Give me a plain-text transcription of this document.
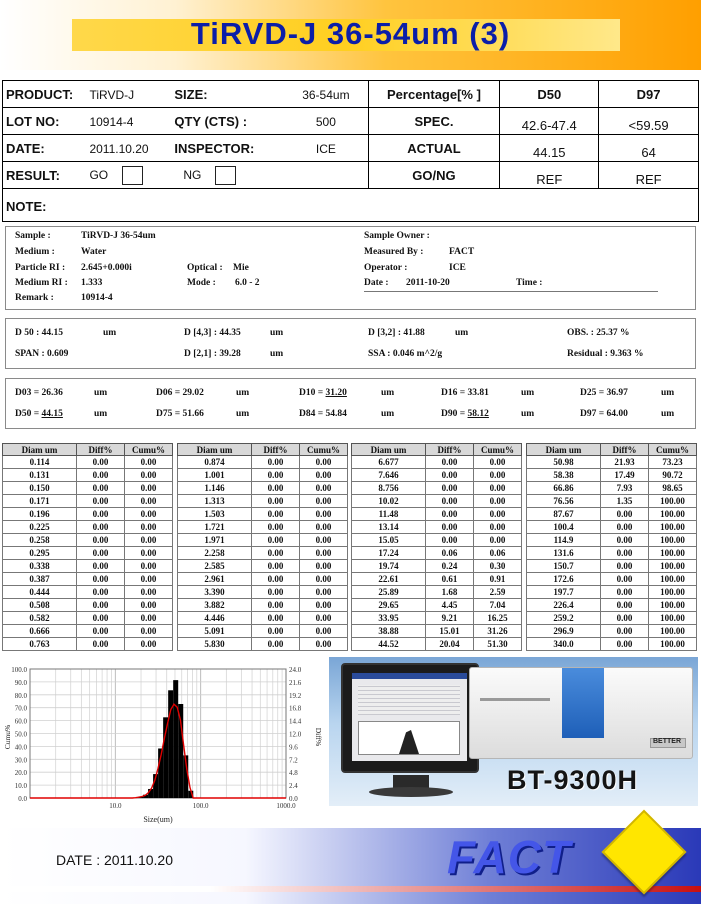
TiRVD-J 36-54um (3)
PRODUCT:	TiRVD-J	SIZE:	36-54um	Percentage[% ]	D50	D97
LOT NO:	10914-4	QTY (CTS) :	500	SPEC.	42.6-47.4	<59.59
DATE:	2011.10.20	INSPECTOR:	ICE	ACTUAL	44.15	64
RESULT:	GO	NG		GO/NG	REF	REF
NOTE:
Sample :	TiRVD-J 36-54um
Medium :	Water
Particle RI : 2.645+0.000i	Optical : Mie
Medium RI : 1.333	Mode : 6.0 - 2
Remark :	10914-4
Sample Owner :
Measured By :	FACT
Operator :	ICE
Date : 2011-10-20	Time :
D 50 : 44.15	um	D [4,3] : 44.35	um	D [3,2] : 41.88	um	OBS. : 25.37 %
SPAN : 0.609	D [2,1] : 39.28	um	SSA : 0.046 m^2/g	Residual : 9.363 %
D03 = 26.36	um	D06 = 29.02	um	D10 = 31.20	um	D16 = 33.81	um	D25 = 36.97	um
D50 = 44.15	um	D75 = 51.66	um	D84 = 54.84	um	D90 = 58.12	um	D97 = 64.00	um
Diam um	Diff%	Cumu%
0.114	0.00	0.00
0.131	0.00	0.00
0.150	0.00	0.00
0.171	0.00	0.00
0.196	0.00	0.00
0.225	0.00	0.00
0.258	0.00	0.00
0.295	0.00	0.00
0.338	0.00	0.00
0.387	0.00	0.00
0.444	0.00	0.00
0.508	0.00	0.00
0.582	0.00	0.00
0.666	0.00	0.00
0.763	0.00	0.00
Diam um	Diff%	Cumu%
0.874	0.00	0.00
1.001	0.00	0.00
1.146	0.00	0.00
1.313	0.00	0.00
1.503	0.00	0.00
1.721	0.00	0.00
1.971	0.00	0.00
2.258	0.00	0.00
2.585	0.00	0.00
2.961	0.00	0.00
3.390	0.00	0.00
3.882	0.00	0.00
4.446	0.00	0.00
5.091	0.00	0.00
5.830	0.00	0.00
Diam um	Diff%	Cumu%
6.677	0.00	0.00
7.646	0.00	0.00
8.756	0.00	0.00
10.02	0.00	0.00
11.48	0.00	0.00
13.14	0.00	0.00
15.05	0.00	0.00
17.24	0.06	0.06
19.74	0.24	0.30
22.61	0.61	0.91
25.89	1.68	2.59
29.65	4.45	7.04
33.95	9.21	16.25
38.88	15.01	31.26
44.52	20.04	51.30
Diam um	Diff%	Cumu%
50.98	21.93	73.23
58.38	17.49	90.72
66.86	7.93	98.65
76.56	1.35	100.00
87.67	0.00	100.00
100.4	0.00	100.00
114.9	0.00	100.00
131.6	0.00	100.00
150.7	0.00	100.00
172.6	0.00	100.00
197.7	0.00	100.00
226.4	0.00	100.00
259.2	0.00	100.00
296.9	0.00	100.00
340.0	0.00	100.00
0.0
10.0
20.0
30.0
40.0
50.0
60.0
70.0
80.0
90.0
100.0
0.0
2.4
4.8
7.2
9.6
12.0
14.4
16.8
19.2
21.6
24.0
10.0	100.0	1000.0
Size(um)
Cumu%	Diff%	BETTER
BT-9300H
DATE : 2011.10.20	FACT
